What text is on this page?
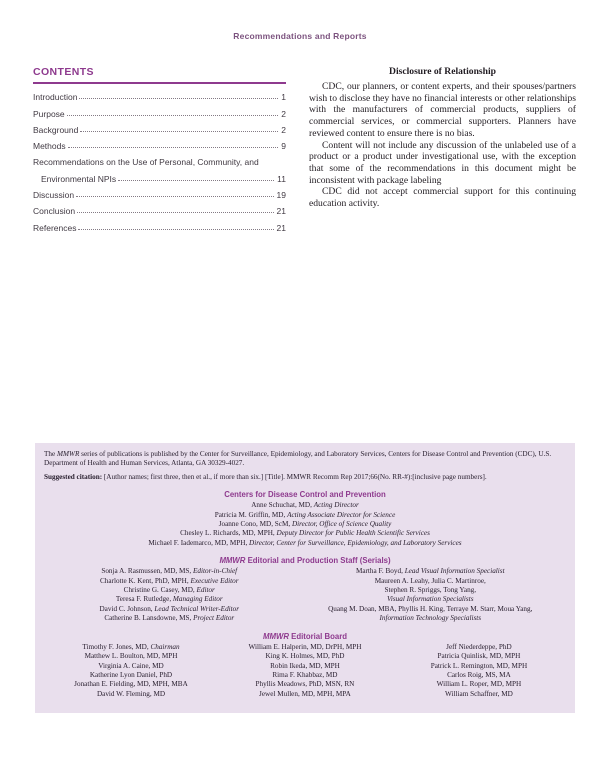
Recommendations and Reports
CONTENTS
Introduction	1
Purpose	2
Background	2
Methods	9
Recommendations on the Use of Personal, Community, and
Environmental NPIs	11
Discussion	19
Conclusion	21
References	21
Disclosure of Relationship

CDC, our planners, or content experts, and their spouses/partners wish to disclose they have no financial interests or other relationships with the manufacturers of commercial products, suppliers of commercial services, or commercial supporters. Planners have reviewed content to ensure there is no bias.

Content will not include any discussion of the unlabeled use of a product or a product under investigational use, with the exception that some of the recommendations in this document might be inconsistent with package labeling

CDC did not accept commercial support for this continuing education activity.

The MMWR series of publications is published by the Center for Surveillance, Epidemiology, and Laboratory Services, Centers for Disease Control and Prevention (CDC), U.S. Department of Health and Human Services, Atlanta, GA 30329-4027.
Suggested citation: [Author names; first three, then et al., if more than six.] [Title]. MMWR Recomm Rep 2017;66(No. RR-#):[inclusive page numbers].
Centers for Disease Control and Prevention
Anne Schuchat, MD, Acting Director
Patricia M. Griffin, MD, Acting Associate Director for Science
Joanne Cono, MD, ScM, Director, Office of Science Quality
Chesley L. Richards, MD, MPH, Deputy Director for Public Health Scientific Services
Michael F. Iademarco, MD, MPH, Director, Center for Surveillance, Epidemiology, and Laboratory Services
MMWR Editorial and Production Staff (Serials)
Sonja A. Rasmussen, MD, MS, Editor-in-Chief
Charlotte K. Kent, PhD, MPH, Executive Editor
Christine G. Casey, MD, Editor
Teresa F. Rutledge, Managing Editor
David C. Johnson, Lead Technical Writer-Editor
Catherine B. Lansdowne, MS, Project Editor
Martha F. Boyd, Lead Visual Information Specialist
Maureen A. Leahy, Julia C. Martinroe,
Stephen R. Spriggs, Tong Yang,
Visual Information Specialists
Quang M. Doan, MBA, Phyllis H. King, Terraye M. Starr, Moua Yang,
Information Technology Specialists
MMWR Editorial Board
Timothy F. Jones, MD, Chairman
Matthew L. Boulton, MD, MPH
Virginia A. Caine, MD
Katherine Lyon Daniel, PhD
Jonathan E. Fielding, MD, MPH, MBA
David W. Fleming, MD
William E. Halperin, MD, DrPH, MPH
King K. Holmes, MD, PhD
Robin Ikeda, MD, MPH
Rima F. Khabbaz, MD
Phyllis Meadows, PhD, MSN, RN
Jewel Mullen, MD, MPH, MPA
Jeff Niederdeppe, PhD
Patricia Quinlisk, MD, MPH
Patrick L. Remington, MD, MPH
Carlos Roig, MS, MA
William L. Roper, MD, MPH
William Schaffner, MD
